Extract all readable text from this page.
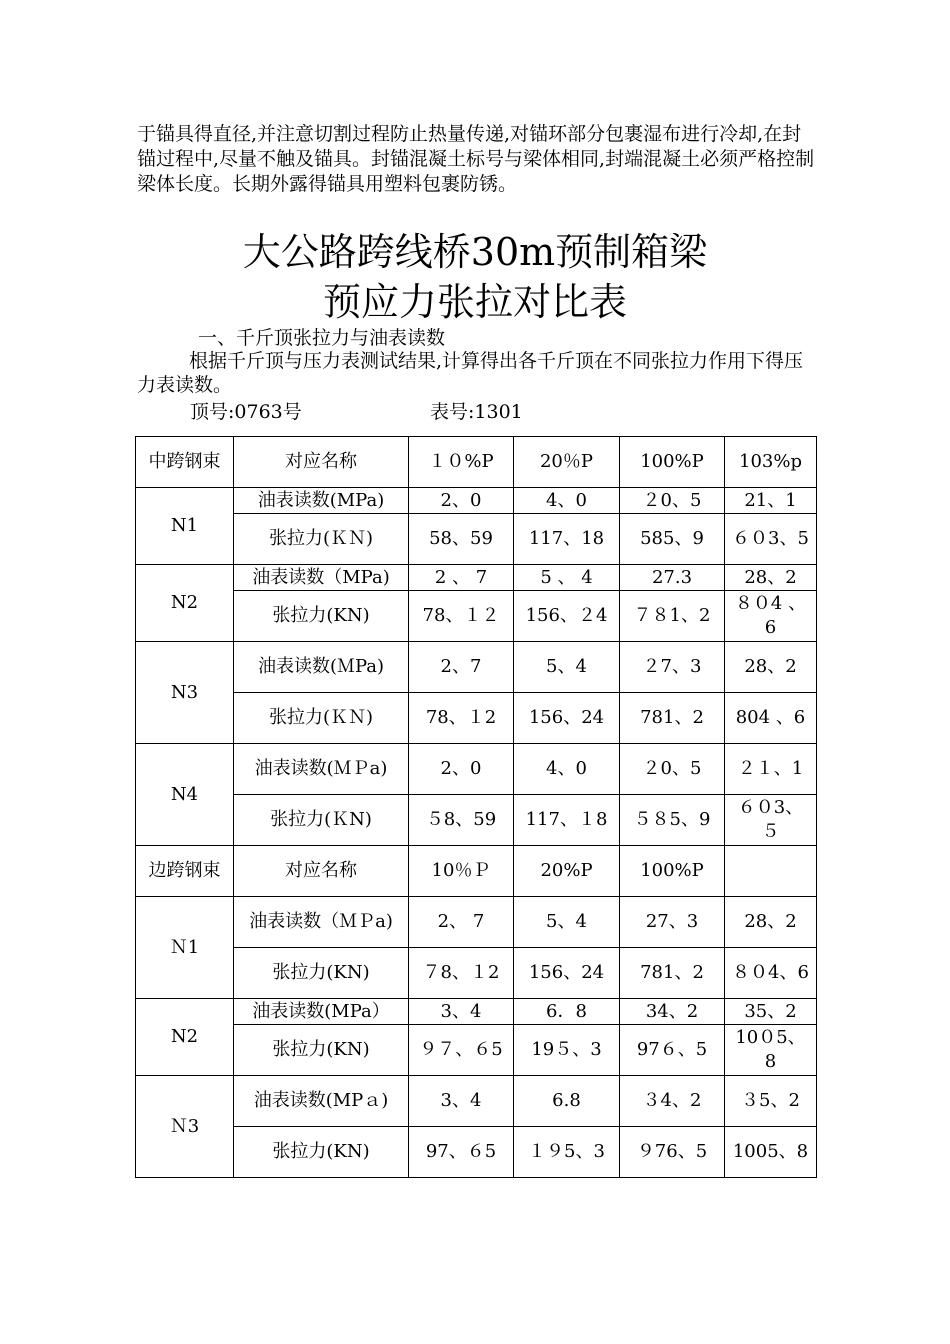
于锚具得直径,并注意切割过程防止热量传递,对锚环部分包裹湿布进行冷却,在封锚过程中,尽量不触及锚具。封锚混凝土标号与梁体相同,封端混凝土必须严格控制梁体长度。长期外露得锚具用塑料包裹防锈。

大公路跨线桥30m预制箱梁
预应力张拉对比表

一、千斤顶张拉力与油表读数

根据千斤顶与压力表测试结果,计算得出各千斤顶在不同张拉力作用下得压力表读数。

顶号:0763号	表号:1301

中跨钢束	对应名称	１０%P	20％P	100%P	103%p
N1	油表读数(MPa)	2、0	4、0	２0、5	21、1
	张拉力(ＫＮ)	58、59	117、18	585、9	６０3、5
N2	油表读数（MPa)	2 、 7	5 、 4	27.3	28、2
	张拉力(KN)	78、１２	156、２4	７８1、2	８０4 、6
N3	油表读数(ＭPa)	2、7	5、4	２7、3	28、2
	张拉力(ＫＮ)	78、１2	156、24	781、2	804 、6
N4	油表读数(ＭＰa)	2、0	4、0	２0、5	２１、1
	张拉力(ＫN)	５8、59	117、１8	５８5、9	６０3、５
边跨钢束	对应名称	10％Ｐ	20%P	100%P	
Ｎ1	油表读数（ＭＰa)	2、 7	5、4	27、3	28、2
	张拉力(KN)	７8、１2	156、24	781、2	８０4、6
N2	油表读数(MPa）	3、4	6．8	34、2	35、2
	张拉力(KN)	９７、６5	19５、3	97６、5	10０5、8
Ｎ3	油表读数(MPａ)	3、4	6.8	３4、2	３5、2
	张拉力(KN)	97、６5	１９5、3	９76、5	1005、8
